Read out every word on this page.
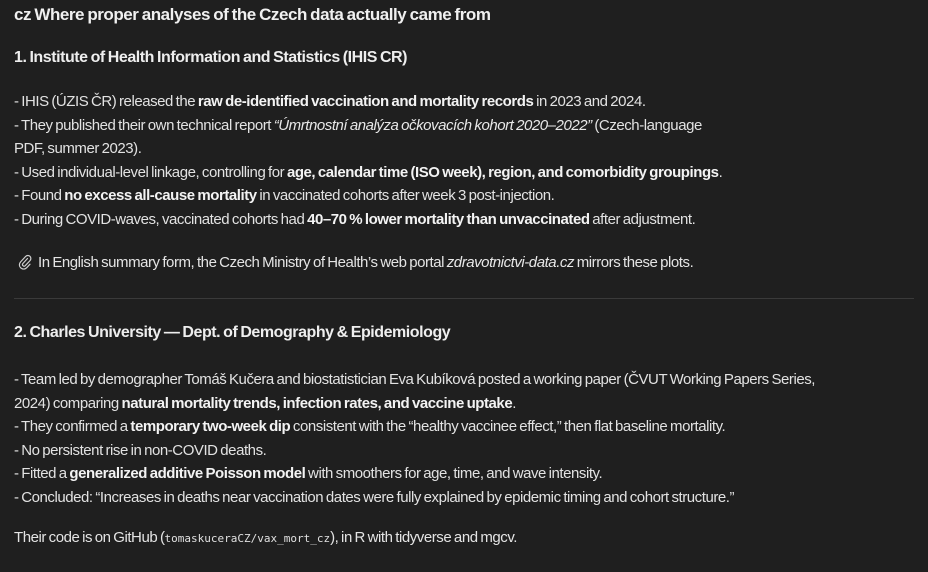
cz Where proper analyses of the Czech data actually came from
1. Institute of Health Information and Statistics (IHIS CR)
- IHIS (ÚZIS ČR) released the raw de-identified vaccination and mortality records in 2023 and 2024.
- They published their own technical report “Úmrtnostní analýza očkovacích kohort 2020–2022” (Czech-language
PDF, summer 2023).
- Used individual-level linkage, controlling for age, calendar time (ISO week), region, and comorbidity groupings.
- Found no excess all-cause mortality in vaccinated cohorts after week 3 post-injection.
- During COVID-waves, vaccinated cohorts had 40–70 % lower mortality than unvaccinated after adjustment.
In English summary form, the Czech Ministry of Health’s web portal zdravotnictvi-data.cz mirrors these plots.
2. Charles University — Dept. of Demography & Epidemiology
- Team led by demographer Tomáš Kučera and biostatistician Eva Kubíková posted a working paper (ČVUT Working Papers Series,
2024) comparing natural mortality trends, infection rates, and vaccine uptake.
- They confirmed a temporary two-week dip consistent with the “healthy vaccinee effect,” then flat baseline mortality.
- No persistent rise in non-COVID deaths.
- Fitted a generalized additive Poisson model with smoothers for age, time, and wave intensity.
- Concluded: “Increases in deaths near vaccination dates were fully explained by epidemic timing and cohort structure.”
Their code is on GitHub (tomaskuceraCZ/vax_mort_cz), in R with tidyverse and mgcv.
